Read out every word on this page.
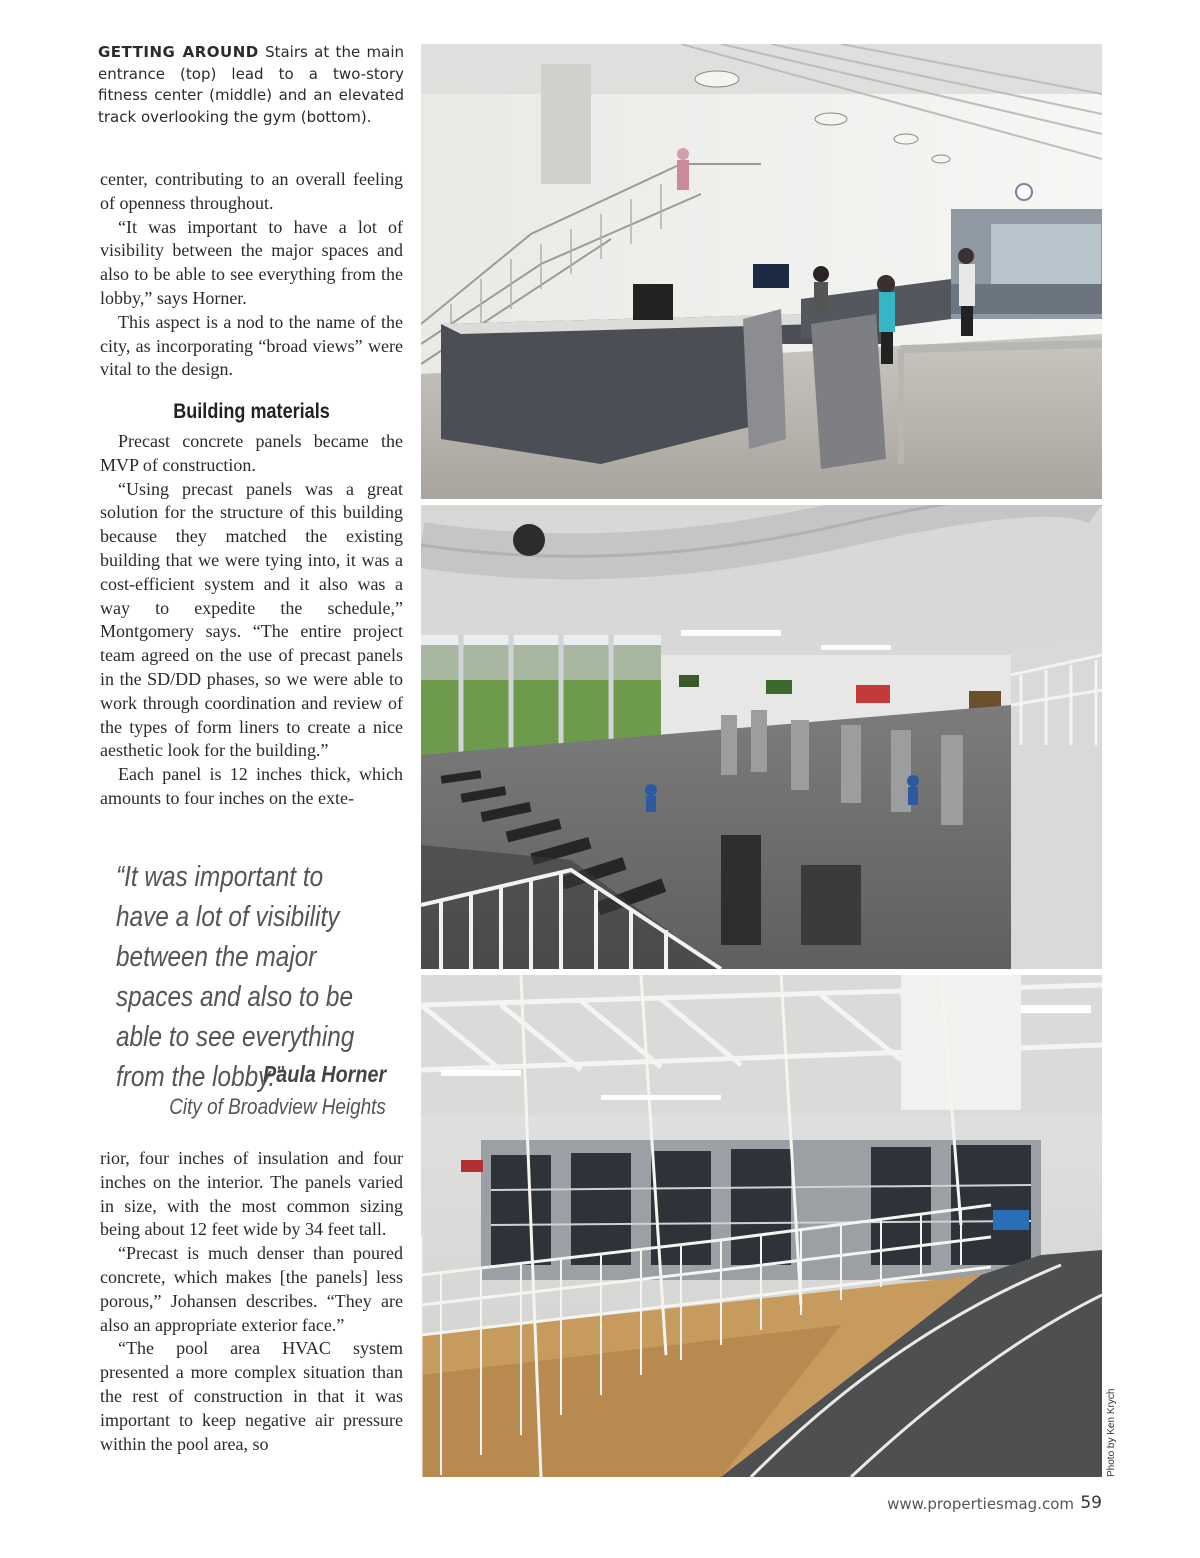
GETTING AROUND Stairs at the main entrance (top) lead to a two-story fitness center (middle) and an elevated track overlooking the gym (bottom).

center, contributing to an overall feeling of openness throughout.

“It was important to have a lot of visibility between the major spaces and also to be able to see everything from the lobby,” says Horner.

This aspect is a nod to the name of the city, as incorporating “broad views” were vital to the design.

Building materials

Precast concrete panels became the MVP of construction.

“Using precast panels was a great solution for the structure of this building because they matched the existing building that we were tying into, it was a cost-efficient system and it also was a way to expedite the schedule,” Montgomery says. “The entire project team agreed on the use of precast panels in the SD/DD phases, so we were able to work through coordination and review of the types of form liners to create a nice aesthetic look for the building.”

Each panel is 12 inches thick, which amounts to four inches on the exte-

“It was important to have a lot of visibility between the major spaces and also to be able to see everything from the lobby.”
Paula Horner
City of Broadview Heights

rior, four inches of insulation and four inches on the interior. The panels varied in size, with the most common sizing being about 12 feet wide by 34 feet tall.

“Precast is much denser than poured concrete, which makes [the panels] less porous,” Johansen describes. “They are also an appropriate exterior face.”

“The pool area HVAC system presented a more complex situation than the rest of construction in that it was important to keep negative air pressure within the pool area, so	Photo by Ken Krych
www.propertiesmag.com 59
